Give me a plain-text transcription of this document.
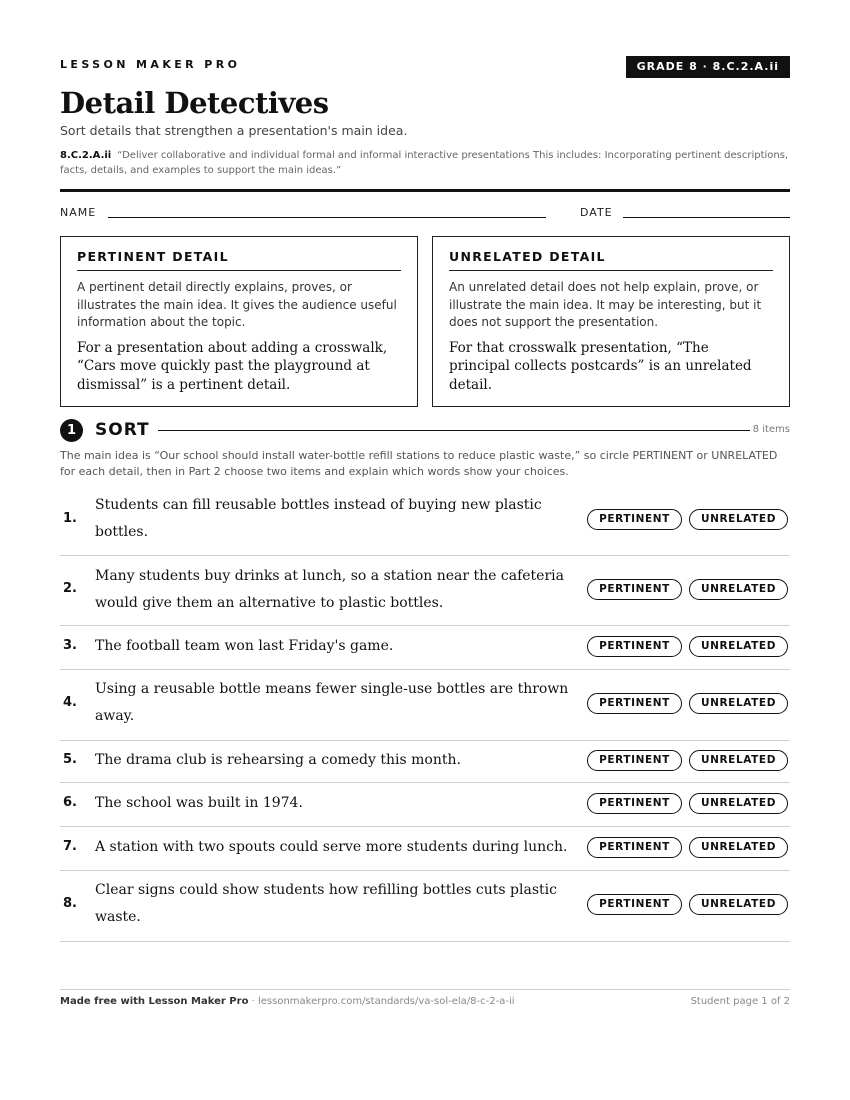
LESSON MAKER PRO	GRADE 8 · 8.C.2.A.ii
Detail Detectives
Sort details that strengthen a presentation's main idea.
8.C.2.A.ii “Deliver collaborative and individual formal and informal interactive presentations This includes: Incorporating pertinent descriptions, facts, details, and examples to support the main ideas.”
NAME	DATE
PERTINENT DETAIL
A pertinent detail directly explains, proves, or illustrates the main idea. It gives the audience useful information about the topic.
For a presentation about adding a crosswalk, “Cars move quickly past the playground at dismissal” is a pertinent detail.
UNRELATED DETAIL
An unrelated detail does not help explain, prove, or illustrate the main idea. It may be interesting, but it does not support the presentation.
For that crosswalk presentation, “The principal collects postcards” is an unrelated detail.
1	SORT	8 items
The main idea is “Our school should install water-bottle refill stations to reduce plastic waste,” so circle PERTINENT or UNRELATED for each detail, then in Part 2 choose two items and explain which words show your choices.
1.
Students can fill reusable bottles instead of buying new plastic bottles.
PERTINENT	UNRELATED
2.
Many students buy drinks at lunch, so a station near the cafeteria would give them an alternative to plastic bottles.
PERTINENT	UNRELATED
3. The football team won last Friday's game.	PERTINENT	UNRELATED
4.
Using a reusable bottle means fewer single-use bottles are thrown away.
PERTINENT	UNRELATED
5. The drama club is rehearsing a comedy this month.	PERTINENT	UNRELATED
6. The school was built in 1974.	PERTINENT	UNRELATED
7. A station with two spouts could serve more students during lunch.	PERTINENT	UNRELATED
8.
Clear signs could show students how refilling bottles cuts plastic waste.
PERTINENT	UNRELATED
Made free with Lesson Maker Pro · lessonmakerpro.com/standards/va-sol-ela/8-c-2-a-ii	Student page 1 of 2
